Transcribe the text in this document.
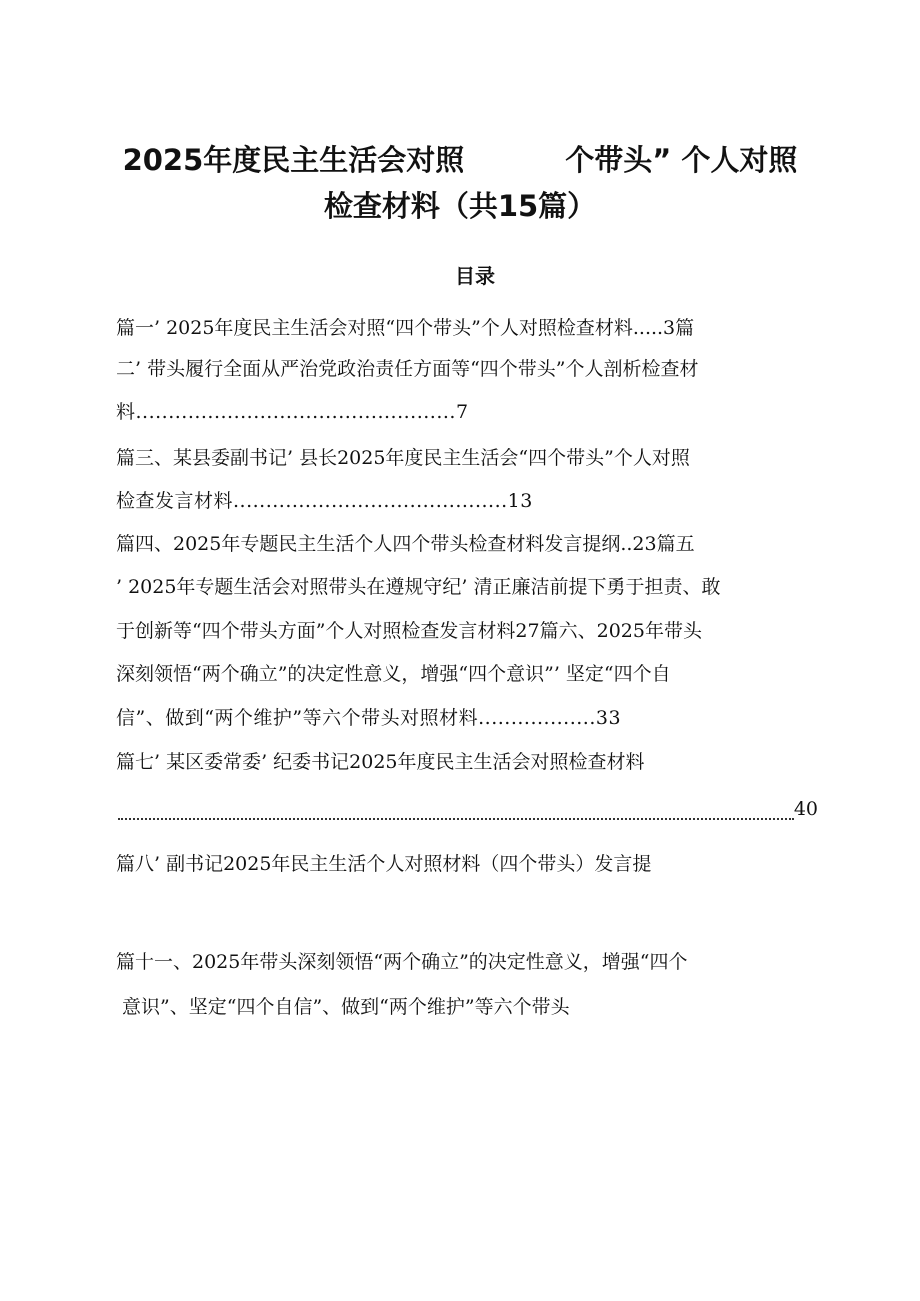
2025年度民主生活会对照          个带头” 个人对照
检查材料（共15篇）
目录

篇一’ 2025年度民主生活会对照“四个带头”个人对照检查材料.....3篇

二’ 带头履行全面从严治党政治责任方面等“四个带头”个人剖析检查材

料.................................................7

篇三、某县委副书记’ 县长2025年度民主生活会“四个带头”个人对照

检查发言材料..........................................13

篇四、2025年专题民主生活个人四个带头检查材料发言提纲..23篇五

’ 2025年专题生活会对照带头在遵规守纪’ 清正廉洁前提下勇于担责、敢

于创新等“四个带头方面”个人对照检查发言材料27篇六、2025年带头

深刻领悟“两个确立”的决定性意义，增强“四个意识”’ 坚定“四个自

信”、做到“两个维护”等六个带头对照材料..................33

篇七’ 某区委常委’ 纪委书记2025年度民主生活会对照检查材料

40

篇八’ 副书记2025年民主生活个人对照材料（四个带头）发言提

篇十一、2025年带头深刻领悟“两个确立”的决定性意义，增强“四个

意识”、坚定“四个自信”、做到“两个维护”等六个带头
